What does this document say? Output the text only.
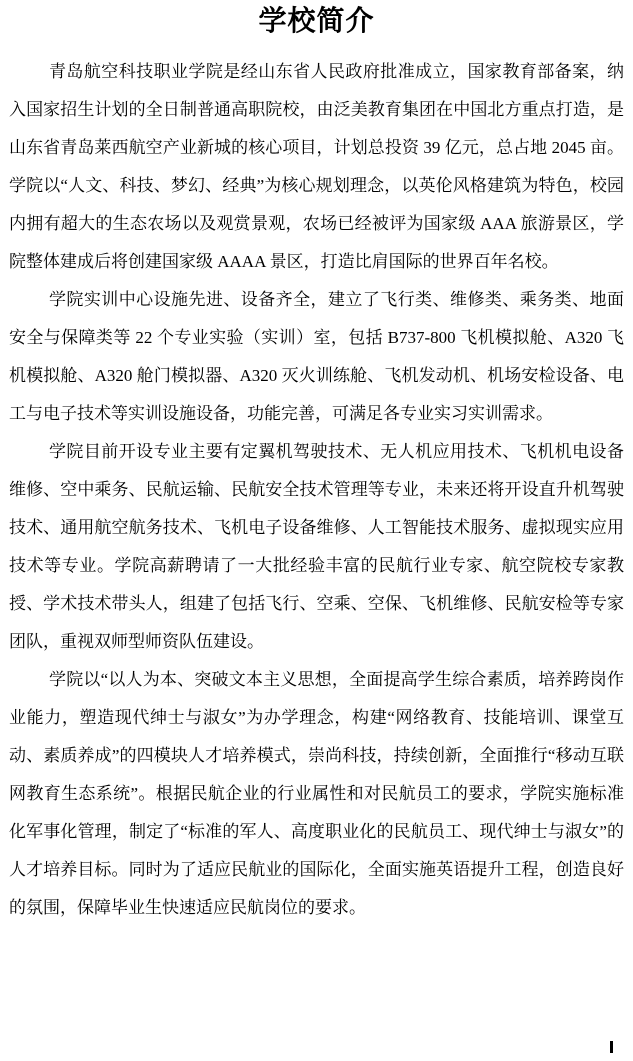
学校简介

青岛航空科技职业学院是经山东省人民政府批准成立，国家教育部备案，纳入国家招生计划的全日制普通高职院校，由泛美教育集团在中国北方重点打造，是山东省青岛莱西航空产业新城的核心项目，计划总投资 39 亿元，总占地 2045 亩。学院以“人文、科技、梦幻、经典”为核心规划理念，以英伦风格建筑为特色，校园内拥有超大的生态农场以及观赏景观，农场已经被评为国家级 AAA 旅游景区，学院整体建成后将创建国家级 AAAA 景区，打造比肩国际的世界百年名校。

学院实训中心设施先进、设备齐全，建立了飞行类、维修类、乘务类、地面安全与保障类等 22 个专业实验（实训）室，包括 B737-800 飞机模拟舱、A320 飞机模拟舱、A320 舱门模拟器、A320 灭火训练舱、飞机发动机、机场安检设备、电工与电子技术等实训设施设备，功能完善，可满足各专业实习实训需求。

学院目前开设专业主要有定翼机驾驶技术、无人机应用技术、飞机机电设备维修、空中乘务、民航运输、民航安全技术管理等专业，未来还将开设直升机驾驶技术、通用航空航务技术、飞机电子设备维修、人工智能技术服务、虚拟现实应用技术等专业。学院高薪聘请了一大批经验丰富的民航行业专家、航空院校专家教授、学术技术带头人，组建了包括飞行、空乘、空保、飞机维修、民航安检等专家团队，重视双师型师资队伍建设。

学院以“以人为本、突破文本主义思想，全面提高学生综合素质，培养跨岗作业能力，塑造现代绅士与淑女”为办学理念，构建“网络教育、技能培训、课堂互动、素质养成”的四模块人才培养模式，崇尚科技，持续创新，全面推行“移动互联网教育生态系统”。根据民航企业的行业属性和对民航员工的要求，学院实施标准化军事化管理，制定了“标准的军人、高度职业化的民航员工、现代绅士与淑女”的人才培养目标。同时为了适应民航业的国际化，全面实施英语提升工程，创造良好的氛围，保障毕业生快速适应民航岗位的要求。
